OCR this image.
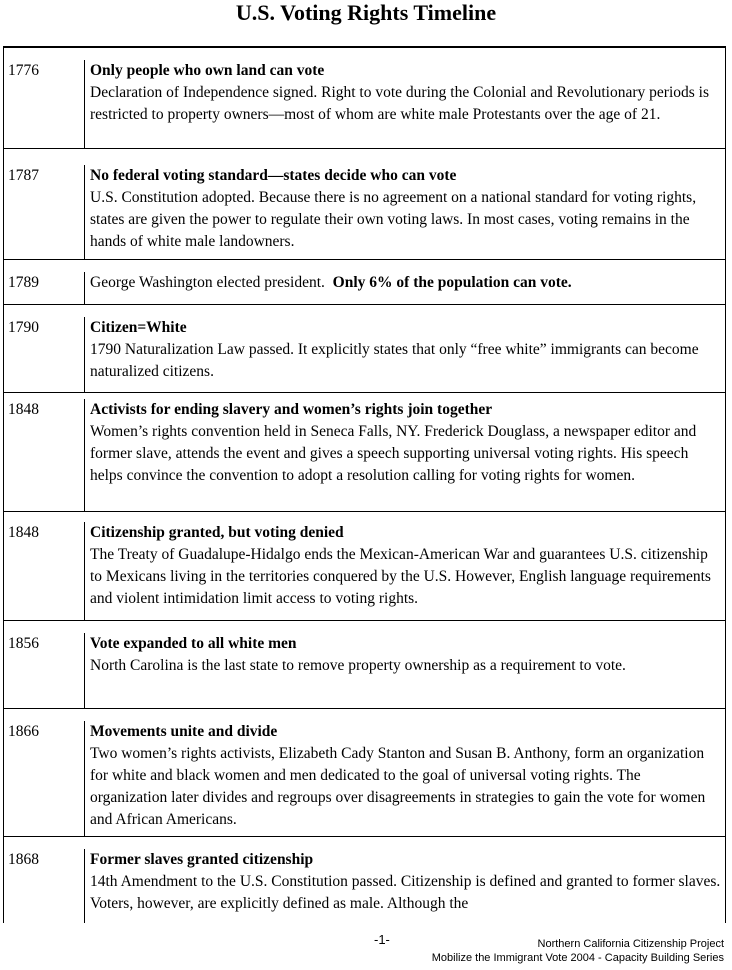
U.S. Voting Rights Timeline
1776	Only people who own land can vote
Declaration of Independence signed. Right to vote during the Colonial and Revolutionary periods is restricted to property owners—most of whom are white male Protestants over the age of 21.
1787	No federal voting standard—states decide who can vote
U.S. Constitution adopted. Because there is no agreement on a national standard for voting rights, states are given the power to regulate their own voting laws. In most cases, voting remains in the hands of white male landowners.
1789	George Washington elected president. Only 6% of the population can vote.
1790	Citizen=White
1790 Naturalization Law passed. It explicitly states that only “free white” immigrants can become naturalized citizens.
1848	Activists for ending slavery and women’s rights join together
Women’s rights convention held in Seneca Falls, NY. Frederick Douglass, a newspaper editor and former slave, attends the event and gives a speech supporting universal voting rights. His speech helps convince the convention to adopt a resolution calling for voting rights for women.
1848	Citizenship granted, but voting denied
The Treaty of Guadalupe-Hidalgo ends the Mexican-American War and guarantees U.S. citizenship to Mexicans living in the territories conquered by the U.S. However, English language requirements and violent intimidation limit access to voting rights.
1856	Vote expanded to all white men
North Carolina is the last state to remove property ownership as a requirement to vote.
1866	Movements unite and divide
Two women’s rights activists, Elizabeth Cady Stanton and Susan B. Anthony, form an organization for white and black women and men dedicated to the goal of universal voting rights. The organization later divides and regroups over disagreements in strategies to gain the vote for women and African Americans.
1868	Former slaves granted citizenship
14th Amendment to the U.S. Constitution passed. Citizenship is defined and granted to former slaves. Voters, however, are explicitly defined as male. Although the
-1-	Northern California Citizenship Project
Mobilize the Immigrant Vote 2004 - Capacity Building Series
